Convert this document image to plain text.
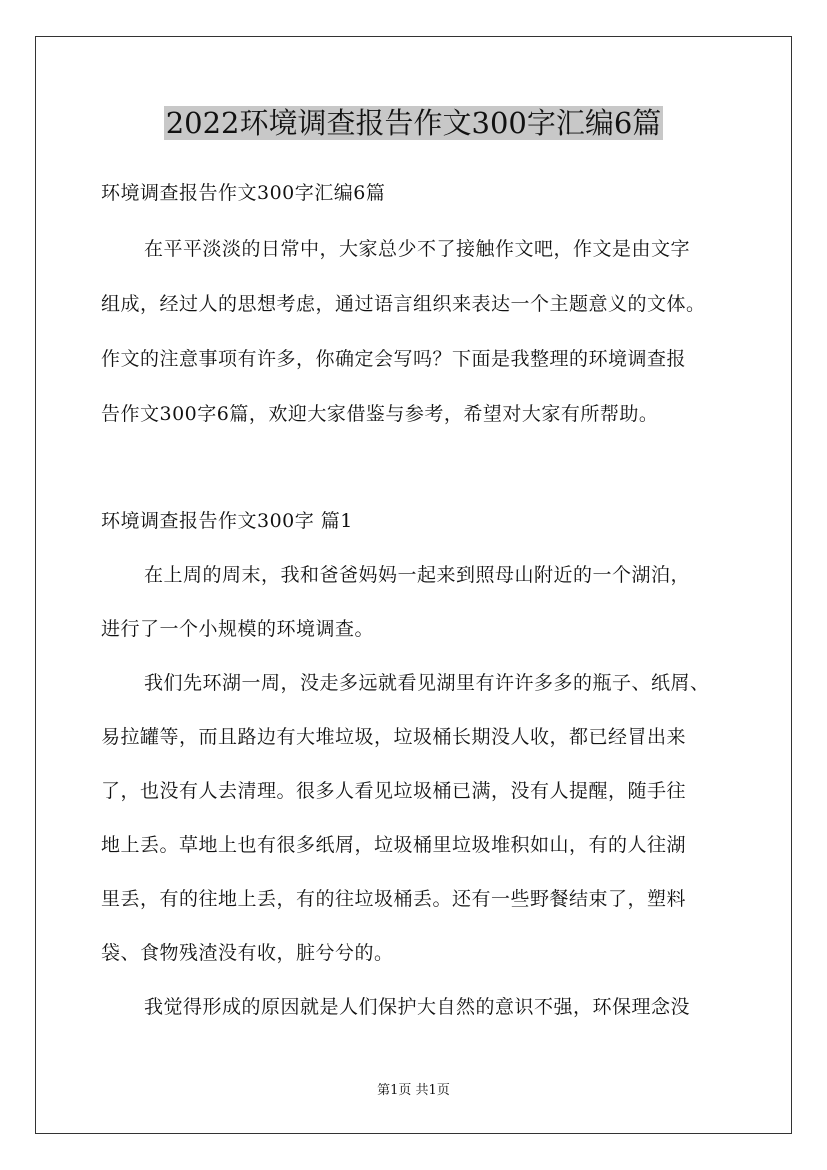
2022环境调查报告作文300字汇编6篇
环境调查报告作文300字汇编6篇
在平平淡淡的日常中，大家总少不了接触作文吧，作文是由文字
组成，经过人的思想考虑，通过语言组织来表达一个主题意义的文体。
作文的注意事项有许多，你确定会写吗？下面是我整理的环境调查报
告作文300字6篇，欢迎大家借鉴与参考，希望对大家有所帮助。
环境调查报告作文300字 篇1
在上周的周末，我和爸爸妈妈一起来到照母山附近的一个湖泊，
进行了一个小规模的环境调查。
我们先环湖一周，没走多远就看见湖里有许许多多的瓶子、纸屑、
易拉罐等，而且路边有大堆垃圾，垃圾桶长期没人收，都已经冒出来
了，也没有人去清理。很多人看见垃圾桶已满，没有人提醒，随手往
地上丢。草地上也有很多纸屑，垃圾桶里垃圾堆积如山，有的人往湖
里丢，有的往地上丢，有的往垃圾桶丢。还有一些野餐结束了，塑料
袋、食物残渣没有收，脏兮兮的。
我觉得形成的原因就是人们保护大自然的意识不强，环保理念没
第1页 共1页
